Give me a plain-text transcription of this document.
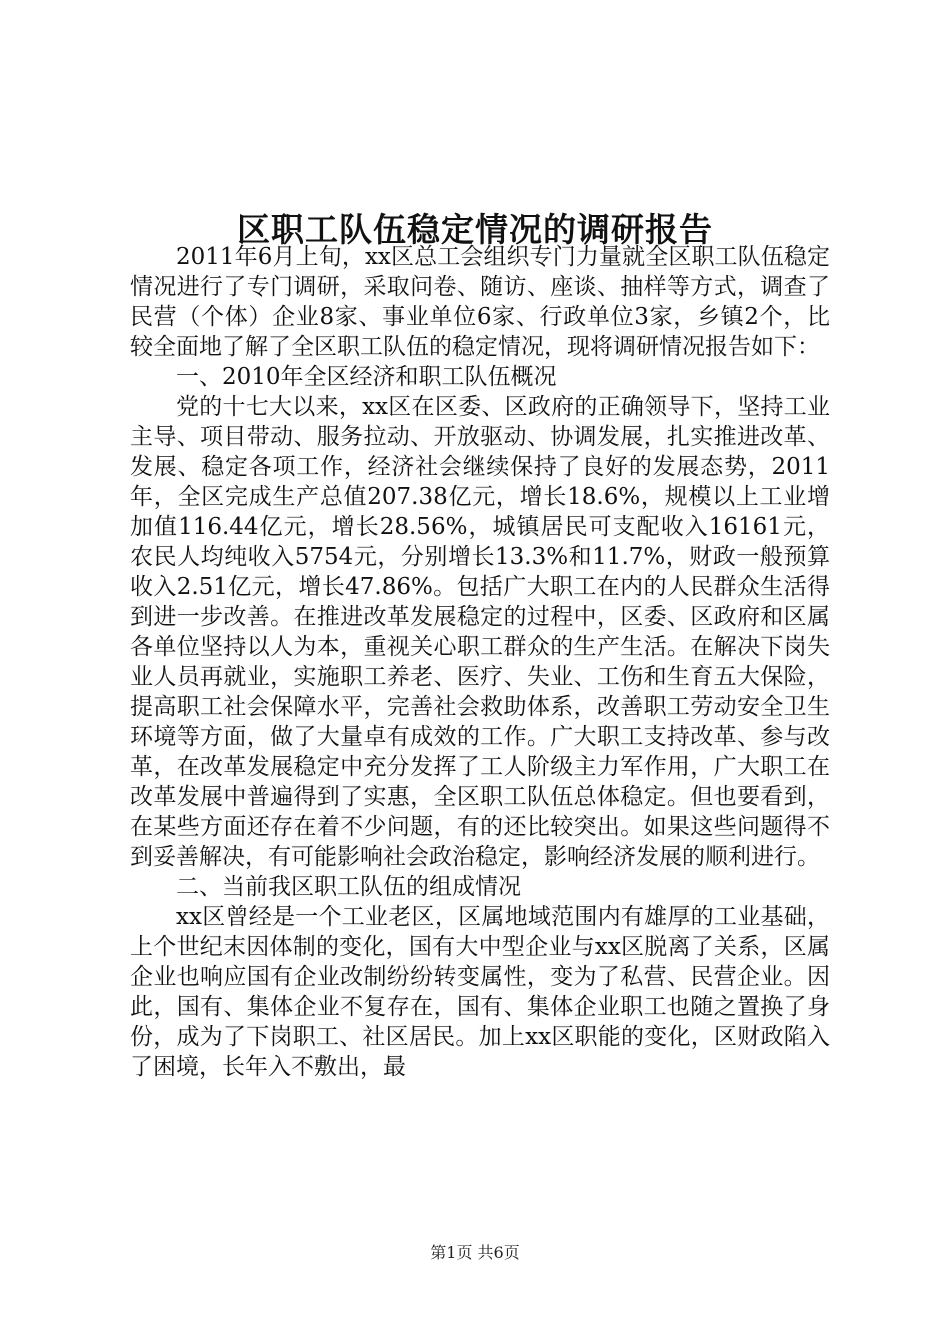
区职工队伍稳定情况的调研报告

2011年6月上旬，xx区总工会组织专门力量就全区职工队伍稳定情况进行了专门调研，采取问卷、随访、座谈、抽样等方式，调查了民营（个体）企业8家、事业单位6家、行政单位3家，乡镇2个，比较全面地了解了全区职工队伍的稳定情况，现将调研情况报告如下：

一、2010年全区经济和职工队伍概况

党的十七大以来，xx区在区委、区政府的正确领导下，坚持工业主导、项目带动、服务拉动、开放驱动、协调发展，扎实推进改革、发展、稳定各项工作，经济社会继续保持了良好的发展态势，2011年，全区完成生产总值207.38亿元，增长18.6%，规模以上工业增加值116.44亿元，增长28.56%，城镇居民可支配收入16161元，农民人均纯收入5754元，分别增长13.3%和11.7%，财政一般预算收入2.51亿元，增长47.86%。包括广大职工在内的人民群众生活得到进一步改善。在推进改革发展稳定的过程中，区委、区政府和区属各单位坚持以人为本，重视关心职工群众的生产生活。在解决下岗失业人员再就业，实施职工养老、医疗、失业、工伤和生育五大保险，提高职工社会保障水平，完善社会救助体系，改善职工劳动安全卫生环境等方面，做了大量卓有成效的工作。广大职工支持改革、参与改革，在改革发展稳定中充分发挥了工人阶级主力军作用，广大职工在改革发展中普遍得到了实惠，全区职工队伍总体稳定。但也要看到，在某些方面还存在着不少问题，有的还比较突出。如果这些问题得不到妥善解决，有可能影响社会政治稳定，影响经济发展的顺利进行。

二、当前我区职工队伍的组成情况

xx区曾经是一个工业老区，区属地域范围内有雄厚的工业基础，上个世纪末因体制的变化，国有大中型企业与xx区脱离了关系，区属企业也响应国有企业改制纷纷转变属性，变为了私营、民营企业。因此，国有、集体企业不复存在，国有、集体企业职工也随之置换了身份，成为了下岗职工、社区居民。加上xx区职能的变化，区财政陷入了困境，长年入不敷出，最

第1页 共6页
